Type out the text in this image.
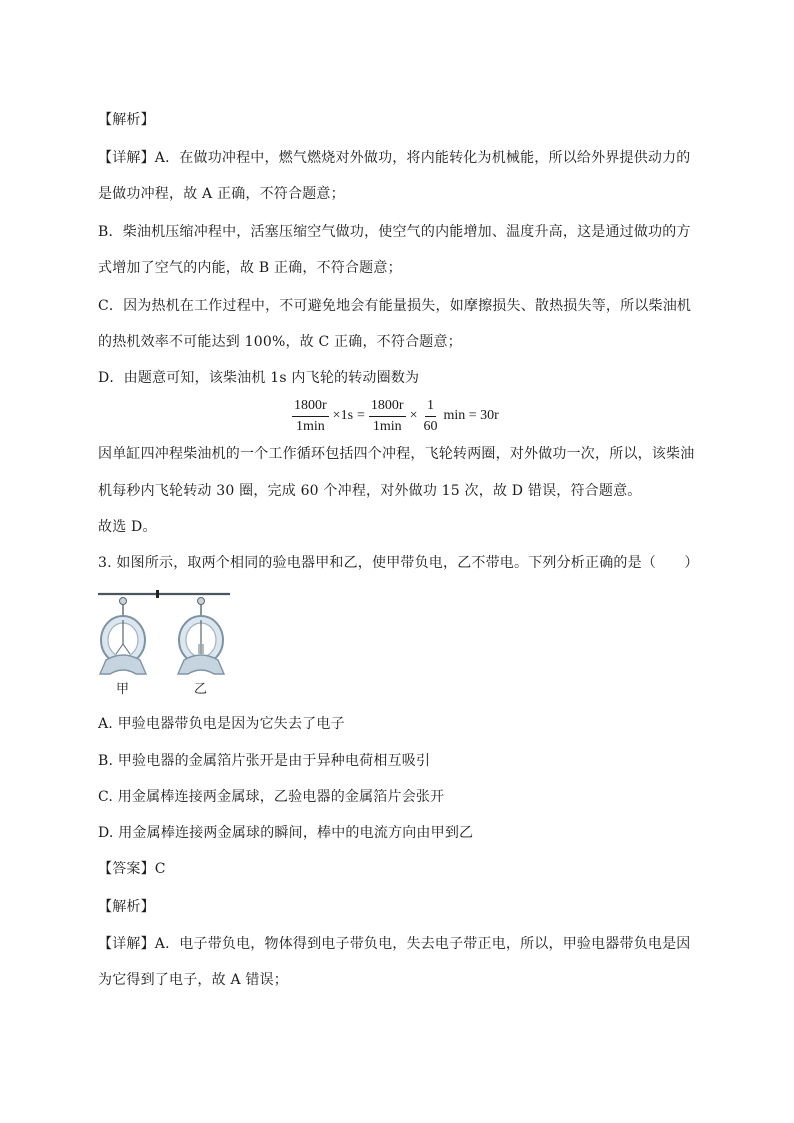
【解析】
【详解】A．在做功冲程中，燃气燃烧对外做功，将内能转化为机械能，所以给外界提供动力的
是做功冲程，故 A 正确，不符合题意；
B．柴油机压缩冲程中，活塞压缩空气做功，使空气的内能增加、温度升高，这是通过做功的方
式增加了空气的内能，故 B 正确，不符合题意；
C．因为热机在工作过程中，不可避免地会有能量损失，如摩擦损失、散热损失等，所以柴油机
的热机效率不可能达到 100%，故 C 正确，不符合题意；
D．由题意可知，该柴油机 1s 内飞轮的转动圈数为
$\frac{1800r}{1\min} \times 1s = \frac{1800r}{1\min} \times \frac{1}{60}$ min = 30r
因单缸四冲程柴油机的一个工作循环包括四个冲程，飞轮转两圈，对外做功一次，所以，该柴油
机每秒内飞轮转动 30 圈，完成 60 个冲程，对外做功 15 次，故 D 错误，符合题意。
故选 D。
3. 如图所示，取两个相同的验电器甲和乙，使甲带负电，乙不带电。下列分析正确的是（　　）
甲	乙
A. 甲验电器带负电是因为它失去了电子
B. 甲验电器的金属箔片张开是由于异种电荷相互吸引
C. 用金属棒连接两金属球，乙验电器的金属箔片会张开
D. 用金属棒连接两金属球的瞬间，棒中的电流方向由甲到乙
【答案】C
【解析】
【详解】A．电子带负电，物体得到电子带负电，失去电子带正电，所以，甲验电器带负电是因
为它得到了电子，故 A 错误；
